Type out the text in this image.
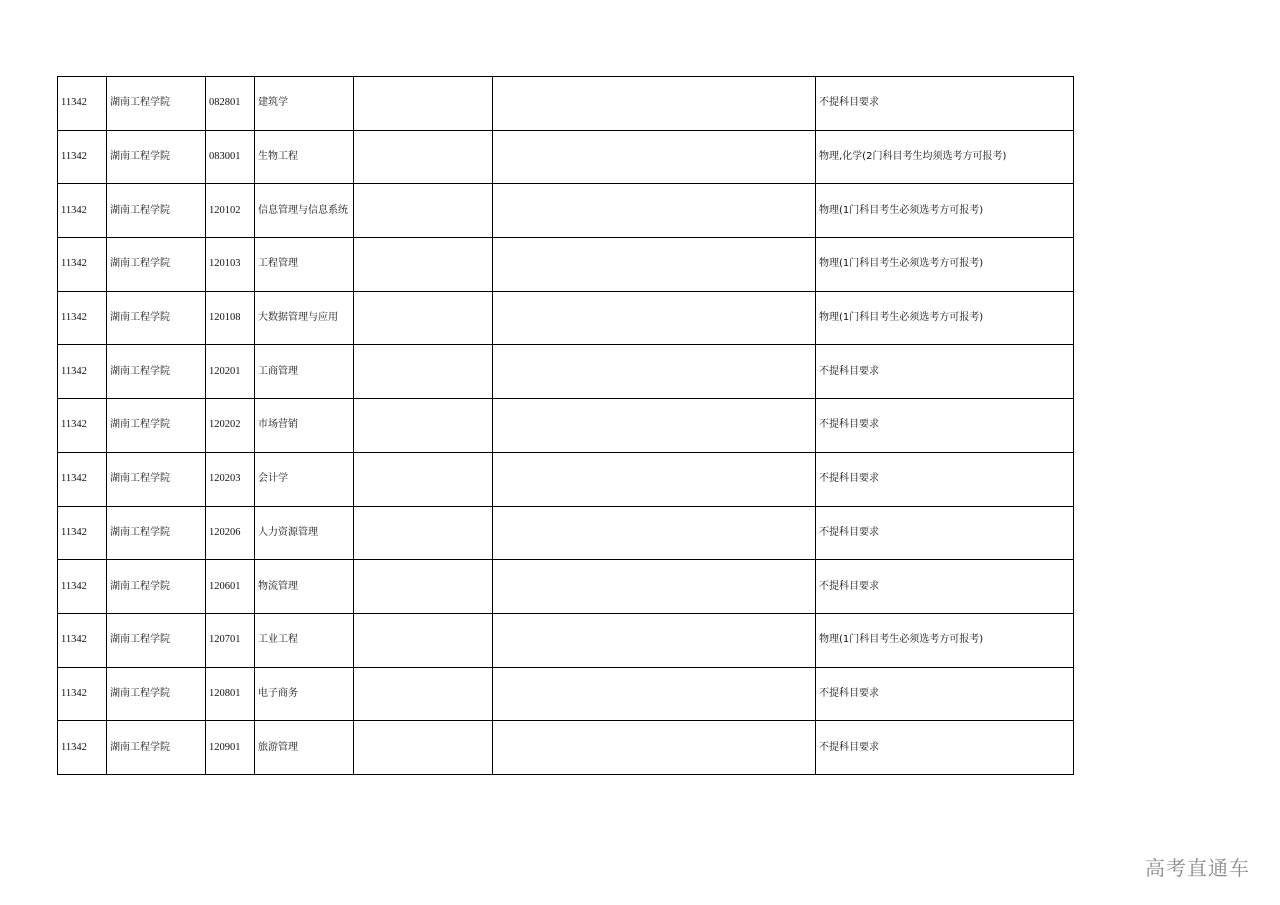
11342	湖南工程学院	082801	建筑学			不提科目要求
11342	湖南工程学院	083001	生物工程			物理,化学(2门科目考生均须选考方可报考)
11342	湖南工程学院	120102	信息管理与信息系统			物理(1门科目考生必须选考方可报考)
11342	湖南工程学院	120103	工程管理			物理(1门科目考生必须选考方可报考)
11342	湖南工程学院	120108	大数据管理与应用			物理(1门科目考生必须选考方可报考)
11342	湖南工程学院	120201	工商管理			不提科目要求
11342	湖南工程学院	120202	市场营销			不提科目要求
11342	湖南工程学院	120203	会计学			不提科目要求
11342	湖南工程学院	120206	人力资源管理			不提科目要求
11342	湖南工程学院	120601	物流管理			不提科目要求
11342	湖南工程学院	120701	工业工程			物理(1门科目考生必须选考方可报考)
11342	湖南工程学院	120801	电子商务			不提科目要求
11342	湖南工程学院	120901	旅游管理			不提科目要求
高考直通车
